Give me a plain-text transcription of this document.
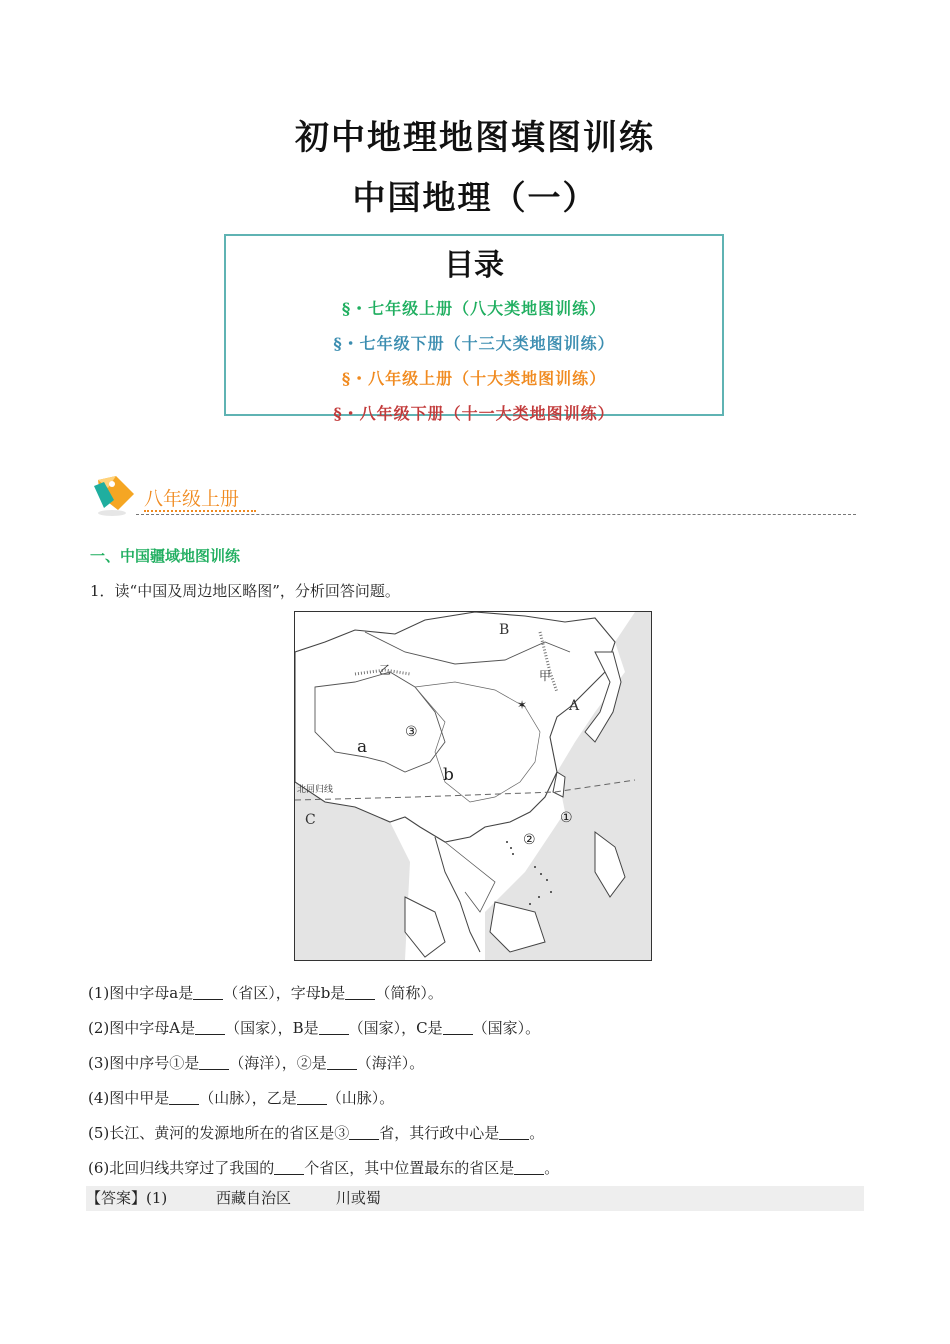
初中地理地图填图训练
中国地理（一）
目录
§・七年级上册（八大类地图训练）
§・七年级下册（十三大类地图训练）
§・八年级上册（十大类地图训练）
§・八年级下册（十一大类地图训练）
八年级上册
一、中国疆域地图训练
1．读“中国及周边地区略图”，分析回答问题。
✶
B
A
C
a
b
乙	甲
③
①
②
北回归线
(1)图中字母a是 （省区），字母b是 （简称）。
(2)图中字母A是 （国家），B是 （国家），C是 （国家）。
(3)图中序号①是 （海洋），②是 （海洋）。
(4)图中甲是 （山脉），乙是 （山脉）。
(5)长江、黄河的发源地所在的省区是③ 省，其行政中心是 。
(6)北回归线共穿过了我国的 个省区，其中位置最东的省区是 。
【答案】(1)	西藏自治区	川或蜀
